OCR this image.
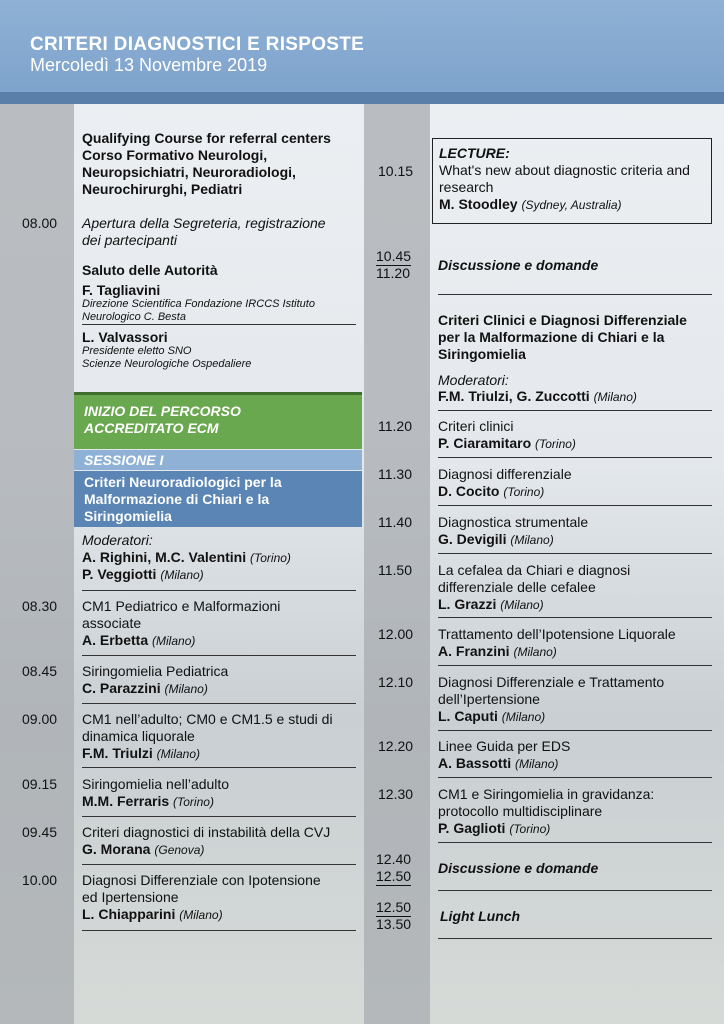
CRITERI DIAGNOSTICI E RISPOSTE
Mercoledì 13 Novembre 2019
Qualifying Course for referral centers
Corso Formativo Neurologi,
Neuropsichiatri, Neuroradiologi,
Neurochirurghi, Pediatri
08.00 Apertura della Segreteria, registrazione
dei partecipanti
Saluto delle Autorità
F. Tagliavini
Direzione Scientifica Fondazione IRCCS Istituto
Neurologico C. Besta
L. Valvassori
Presidente eletto SNO
Scienze Neurologiche Ospedaliere
INIZIO DEL PERCORSO
ACCREDITATO ECM
SESSIONE I
Criteri Neuroradiologici per la
Malformazione di Chiari e la
Siringomielia
Moderatori:
A. Righini, M.C. Valentini (Torino)
P. Veggiotti (Milano)
08.30 CM1 Pediatrico e Malformazioni
associate
A. Erbetta (Milano)
08.45 Siringomielia Pediatrica
C. Parazzini (Milano)
09.00 CM1 nell’adulto; CM0 e CM1.5 e studi di
dinamica liquorale
F.M. Triulzi (Milano)
09.15 Siringomielia nell’adulto
M.M. Ferraris (Torino)
09.45 Criteri diagnostici di instabilità della CVJ
G. Morana (Genova)
10.00 Diagnosi Differenziale con Ipotensione
ed Ipertensione
L. Chiapparini (Milano)
10.15
LECTURE:
What's new about diagnostic criteria and
research
M. Stoodley (Sydney, Australia)
10.45
11.20 Discussione e domande
Criteri Clinici e Diagnosi Differenziale
per la Malformazione di Chiari e la
Siringomielia
Moderatori:
F.M. Triulzi, G. Zuccotti (Milano)
11.20 Criteri clinici
P. Ciaramitaro (Torino)
11.30 Diagnosi differenziale
D. Cocito (Torino)
11.40 Diagnostica strumentale
G. Devigili (Milano)
11.50 La cefalea da Chiari e diagnosi
differenziale delle cefalee
L. Grazzi (Milano)
12.00 Trattamento dell’Ipotensione Liquorale
A. Franzini (Milano)
12.10 Diagnosi Differenziale e Trattamento
dell’Ipertensione
L. Caputi (Milano)
12.20 Linee Guida per EDS
A. Bassotti (Milano)
12.30 CM1 e Siringomielia in gravidanza:
protocollo multidisciplinare
P. Gaglioti (Torino)
12.40
12.50 Discussione e domande
12.50
13.50 Light Lunch
